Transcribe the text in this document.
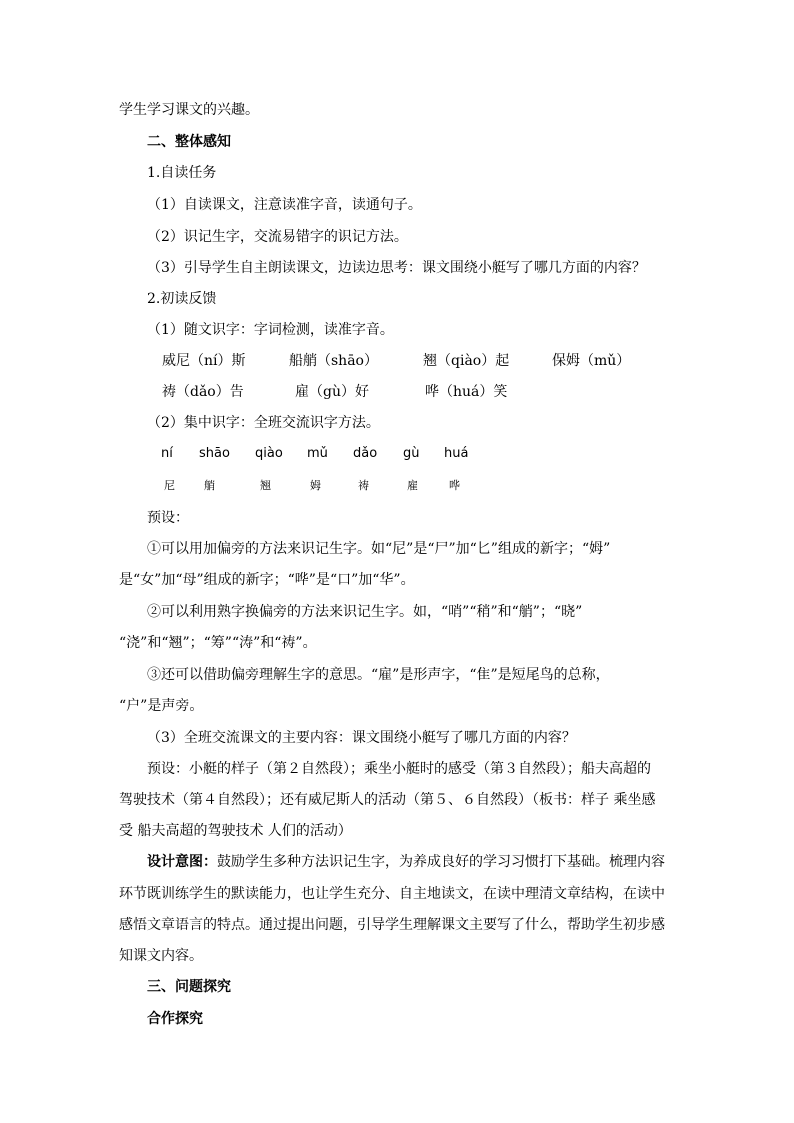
学生学习课文的兴趣。
二、整体感知
1.自读任务
（1）自读课文，注意读准字音，读通句子。
（2）识记生字，交流易错字的识记方法。
（3）引导学生自主朗读课文，边读边思考：课文围绕小艇写了哪几方面的内容？
2.初读反馈
（1）随文识字：字词检测，读准字音。
威尼（ní）斯	船艄（shāo）	翘（qiào）起	保姆（mǔ）
祷（dǎo）告	雇（gù）好	哗（huá）笑
（2）集中识字：全班交流识字方法。
ní shāo qiào mǔ dǎo gù huá
尼	艄	翘	姆	祷	雇	哗
预设：
①可以用加偏旁的方法来识记生字。如“尼”是“尸”加“匕”组成的新字；“姆”
是“女”加“母”组成的新字；“哗”是“口”加“华”。
②可以利用熟字换偏旁的方法来识记生字。如，“哨”“稍”和“艄”；“晓”
“浇”和“翘”；“筹”“涛”和“祷”。
③还可以借助偏旁理解生字的意思。“雇”是形声字，“隹”是短尾鸟的总称，
“户”是声旁。
（3）全班交流课文的主要内容：课文围绕小艇写了哪几方面的内容？
预设：小艇的样子（第２自然段）；乘坐小艇时的感受（第３自然段）；船夫高超的
驾驶技术（第４自然段）；还有威尼斯人的活动（第５、６自然段）（板书：样子 乘坐感
受 船夫高超的驾驶技术 人们的活动）
设计意图：鼓励学生多种方法识记生字，为养成良好的学习习惯打下基础。梳理内容
环节既训练学生的默读能力，也让学生充分、自主地读文，在读中理清文章结构，在读中
感悟文章语言的特点。通过提出问题，引导学生理解课文主要写了什么，帮助学生初步感
知课文内容。
三、问题探究
合作探究
